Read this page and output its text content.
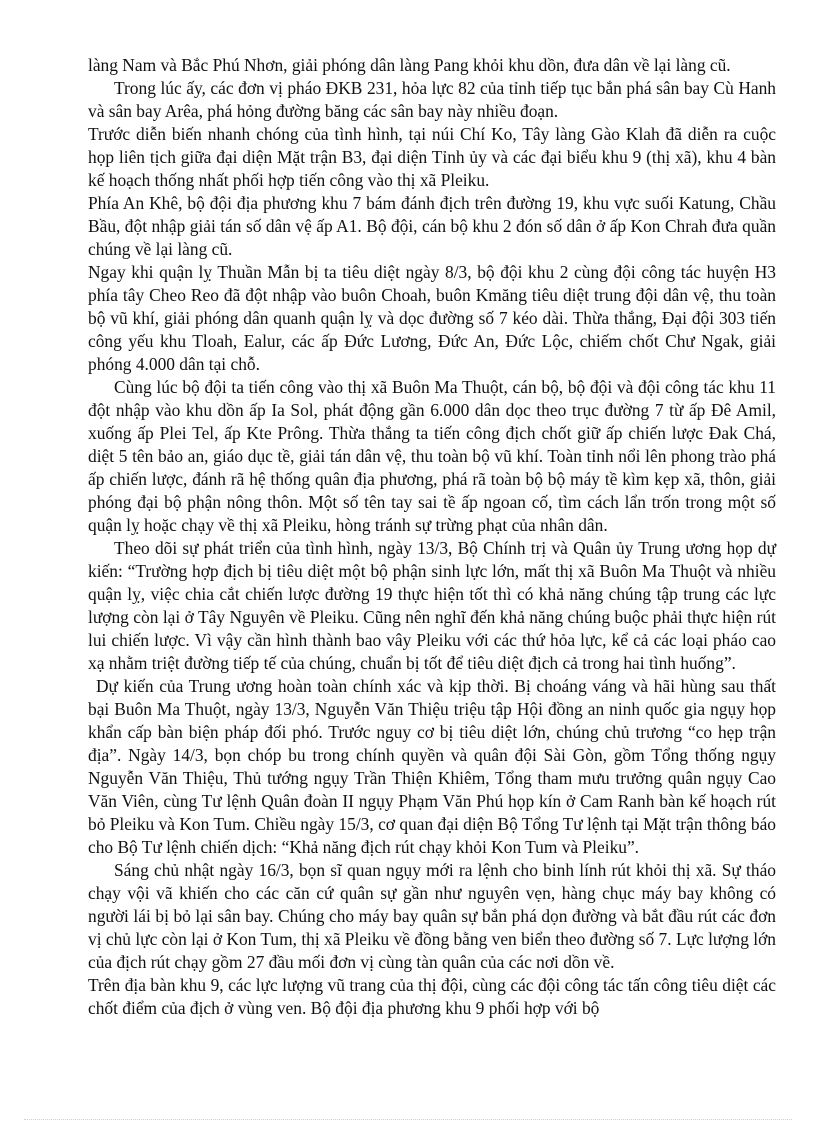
làng Nam và Bắc Phú Nhơn, giải phóng dân làng Pang khỏi khu dồn, đưa dân về lại làng cũ.

Trong lúc ấy, các đơn vị pháo ĐKB 231, hỏa lực 82 của tỉnh tiếp tục bắn phá sân bay Cù Hanh và sân bay Arêa, phá hỏng đường băng các sân bay này nhiều đoạn.

Trước diễn biến nhanh chóng của tình hình, tại núi Chí Ko, Tây làng Gào Klah đã diễn ra cuộc họp liên tịch giữa đại diện Mặt trận B3, đại diện Tỉnh ủy và các đại biểu khu 9 (thị xã), khu 4 bàn kế hoạch thống nhất phối hợp tiến công vào thị xã Pleiku.

Phía An Khê, bộ đội địa phương khu 7 bám đánh địch trên đường 19, khu vực suối Katung, Chầu Bầu, đột nhập giải tán số dân vệ ấp A1. Bộ đội, cán bộ khu 2 đón số dân ở ấp Kon Chrah đưa quần chúng về lại làng cũ.

Ngay khi quận lỵ Thuần Mẫn bị ta tiêu diệt ngày 8/3, bộ đội khu 2 cùng đội công tác huyện H3 phía tây Cheo Reo đã đột nhập vào buôn Choah, buôn Kmăng tiêu diệt trung đội dân vệ, thu toàn bộ vũ khí, giải phóng dân quanh quận lỵ và dọc đường số 7 kéo dài. Thừa thắng, Đại đội 303 tiến công yếu khu Tloah, Ealur, các ấp Đức Lương, Đức An, Đức Lộc, chiếm chốt Chư Ngak, giải phóng 4.000 dân tại chỗ.

Cùng lúc bộ đội ta tiến công vào thị xã Buôn Ma Thuột, cán bộ, bộ đội và đội công tác khu 11 đột nhập vào khu dồn ấp Ia Sol, phát động gần 6.000 dân dọc theo trục đường 7 từ ấp Đê Amil, xuống ấp Plei Tel, ấp Kte Prông. Thừa thắng ta tiến công địch chốt giữ ấp chiến lược Đak Chá, diệt 5 tên bảo an, giáo dục tề, giải tán dân vệ, thu toàn bộ vũ khí. Toàn tỉnh nổi lên phong trào phá ấp chiến lược, đánh rã hệ thống quân địa phương, phá rã toàn bộ bộ máy tề kìm kẹp xã, thôn, giải phóng đại bộ phận nông thôn. Một số tên tay sai tề ấp ngoan cố, tìm cách lẩn trốn trong một số quận lỵ hoặc chạy về thị xã Pleiku, hòng tránh sự trừng phạt của nhân dân.

Theo dõi sự phát triển của tình hình, ngày 13/3, Bộ Chính trị và Quân ủy Trung ương họp dự kiến: “Trường hợp địch bị tiêu diệt một bộ phận sinh lực lớn, mất thị xã Buôn Ma Thuột và nhiều quận lỵ, việc chia cắt chiến lược đường 19 thực hiện tốt thì có khả năng chúng tập trung các lực lượng còn lại ở Tây Nguyên về Pleiku. Cũng nên nghĩ đến khả năng chúng buộc phải thực hiện rút lui chiến lược. Vì vậy cần hình thành bao vây Pleiku với các thứ hỏa lực, kể cả các loại pháo cao xạ nhằm triệt đường tiếp tế của chúng, chuẩn bị tốt để tiêu diệt địch cả trong hai tình huống”.

Dự kiến của Trung ương hoàn toàn chính xác và kịp thời. Bị choáng váng và hãi hùng sau thất bại Buôn Ma Thuột, ngày 13/3, Nguyễn Văn Thiệu triệu tập Hội đồng an ninh quốc gia ngụy họp khẩn cấp bàn biện pháp đối phó. Trước nguy cơ bị tiêu diệt lớn, chúng chủ trương “co hẹp trận địa”. Ngày 14/3, bọn chóp bu trong chính quyền và quân đội Sài Gòn, gồm Tổng thống ngụy Nguyễn Văn Thiệu, Thủ tướng ngụy Trần Thiện Khiêm, Tổng tham mưu trưởng quân ngụy Cao Văn Viên, cùng Tư lệnh Quân đoàn II ngụy Phạm Văn Phú họp kín ở Cam Ranh bàn kế hoạch rút bỏ Pleiku và Kon Tum. Chiều ngày 15/3, cơ quan đại diện Bộ Tổng Tư lệnh tại Mặt trận thông báo cho Bộ Tư lệnh chiến dịch: “Khả năng địch rút chạy khỏi Kon Tum và Pleiku”.

Sáng chủ nhật ngày 16/3, bọn sĩ quan ngụy mới ra lệnh cho binh lính rút khỏi thị xã. Sự tháo chạy vội vã khiến cho các căn cứ quân sự gần như nguyên vẹn, hàng chục máy bay không có người lái bị bỏ lại sân bay. Chúng cho máy bay quân sự bắn phá dọn đường và bắt đầu rút các đơn vị chủ lực còn lại ở Kon Tum, thị xã Pleiku về đồng bằng ven biển theo đường số 7. Lực lượng lớn của địch rút chạy gồm 27 đầu mối đơn vị cùng tàn quân của các nơi dồn về.

Trên địa bàn khu 9, các lực lượng vũ trang của thị đội, cùng các đội công tác tấn công tiêu diệt các chốt điểm của địch ở vùng ven. Bộ đội địa phương khu 9 phối hợp với bộ
